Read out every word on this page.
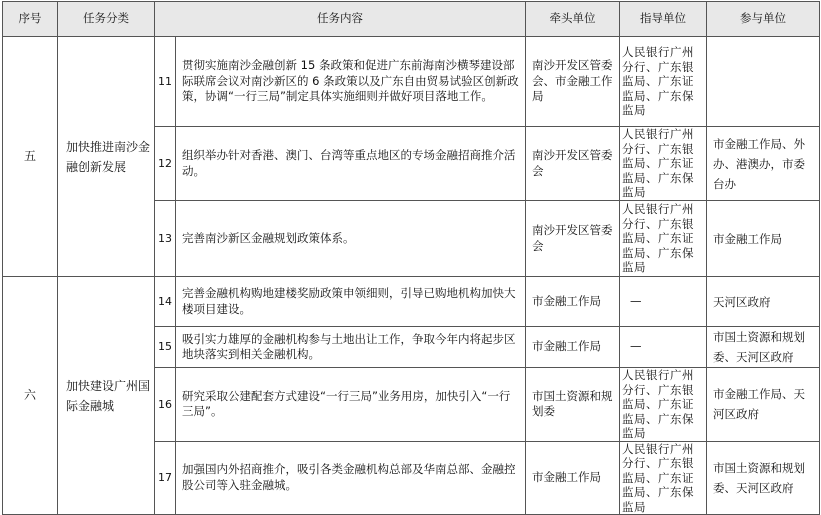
序号	任务分类	任务内容		牵头单位	指导单位	参与单位
五	加快推进南沙金融创新发展	11	贯彻实施南沙金融创新 15 条政策和促进广东前海南沙横琴建设部际联席会议对南沙新区的 6 条政策以及广东自由贸易试验区创新政策，协调“一行三局”制定具体实施细则并做好项目落地工作。	南沙开发区管委会、市金融工作局	人民银行广州分行、广东银监局、广东证监局、广东保监局	
		12	组织举办针对香港、澳门、台湾等重点地区的专场金融招商推介活动。	南沙开发区管委会	人民银行广州分行、广东银监局、广东证监局、广东保监局	市金融工作局、外办、港澳办，市委台办
		13	完善南沙新区金融规划政策体系。	南沙开发区管委会	人民银行广州分行、广东银监局、广东证监局、广东保监局	市金融工作局
六	加快建设广州国际金融城	14	完善金融机构购地建楼奖励政策申领细则，引导已购地机构加快大楼项目建设。	市金融工作局	—	天河区政府
		15	吸引实力雄厚的金融机构参与土地出让工作，争取今年内将起步区地块落实到相关金融机构。	市金融工作局	—	市国土资源和规划委、天河区政府
		16	研究采取公建配套方式建设“一行三局”业务用房，加快引入“一行三局”。	市国土资源和规划委	人民银行广州分行、广东银监局、广东证监局、广东保监局	市金融工作局、天河区政府
		17	加强国内外招商推介，吸引各类金融机构总部及华南总部、金融控股公司等入驻金融城。	市金融工作局	人民银行广州分行、广东银监局、广东证监局、广东保监局	市国土资源和规划委、天河区政府
